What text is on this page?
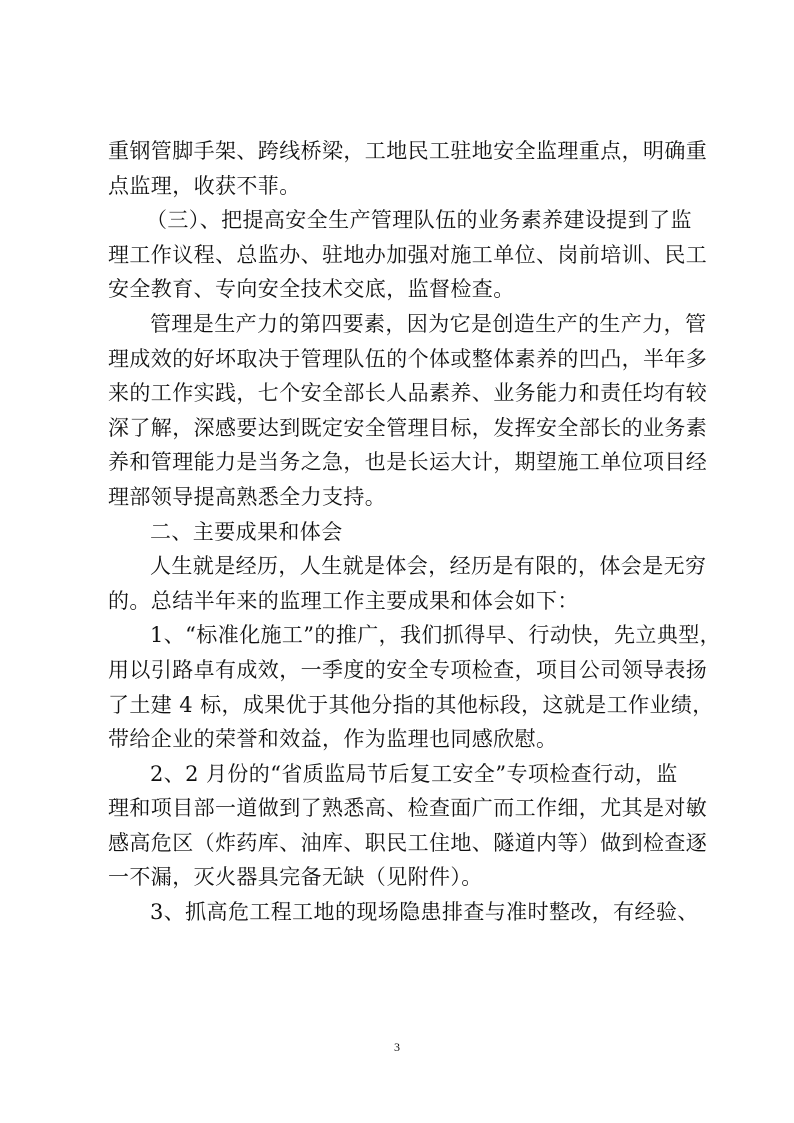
重钢管脚手架、跨线桥梁，工地民工驻地安全监理重点，明确重
点监理，收获不菲。
（三）、把提高安全生产管理队伍的业务素养建设提到了监
理工作议程、总监办、驻地办加强对施工单位、岗前培训、民工
安全教育、专向安全技术交底，监督检查。
管理是生产力的第四要素，因为它是创造生产的生产力，管
理成效的好坏取决于管理队伍的个体或整体素养的凹凸，半年多
来的工作实践，七个安全部长人品素养、业务能力和责任均有较
深了解，深感要达到既定安全管理目标，发挥安全部长的业务素
养和管理能力是当务之急，也是长运大计，期望施工单位项目经
理部领导提高熟悉全力支持。
二、主要成果和体会
人生就是经历，人生就是体会，经历是有限的，体会是无穷
的。总结半年来的监理工作主要成果和体会如下：
1、“标准化施工”的推广，我们抓得早、行动快，先立典型，
用以引路卓有成效，一季度的安全专项检查，项目公司领导表扬
了土建 4 标，成果优于其他分指的其他标段，这就是工作业绩，
带给企业的荣誉和效益，作为监理也同感欣慰。
2、2 月份的“省质监局节后复工安全”专项检查行动，监
理和项目部一道做到了熟悉高、检查面广而工作细，尤其是对敏
感高危区（炸药库、油库、职民工住地、隧道内等）做到检查逐
一不漏，灭火器具完备无缺（见附件）。
3、抓高危工程工地的现场隐患排查与准时整改，有经验、
3
